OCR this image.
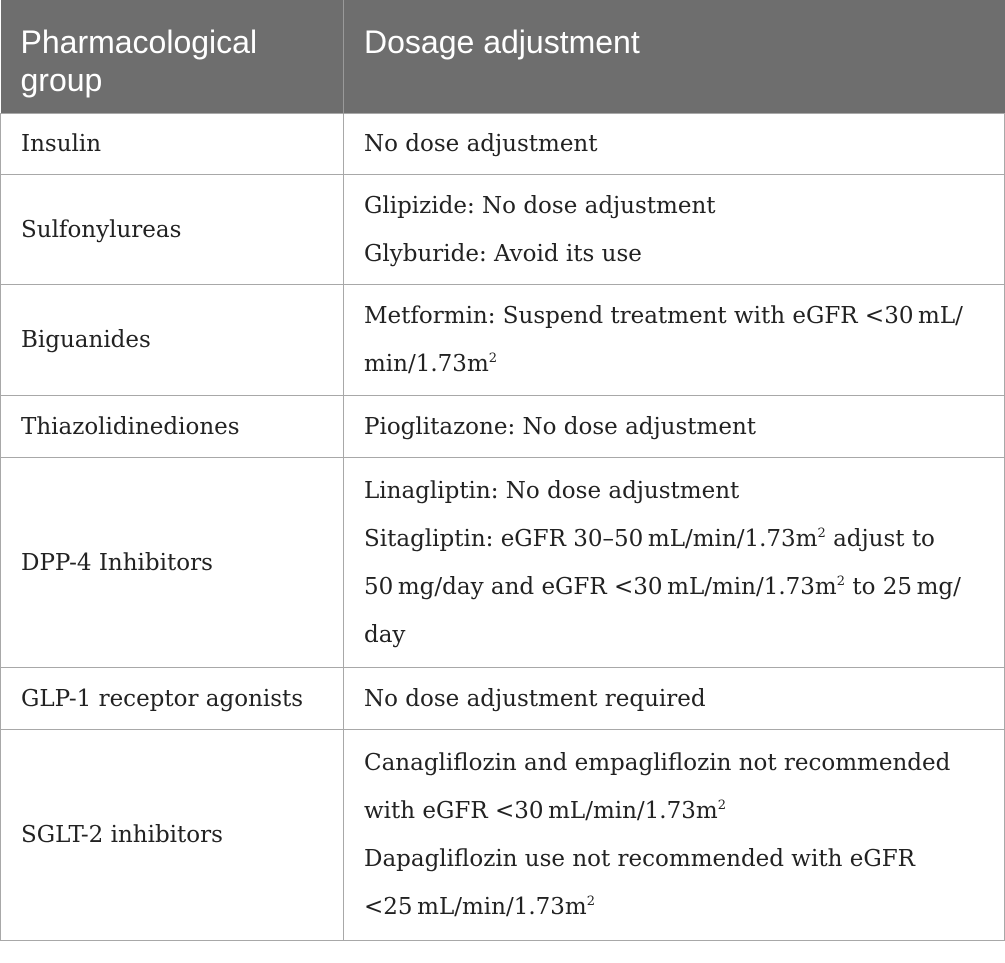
Pharmacological group	Dosage adjustment
Insulin	No dose adjustment

Sulfonylureas	Glipizide: No dose adjustment
Glyburide: Avoid its use

Biguanides	Metformin: Suspend treatment with eGFR <30 mL/
$\min/1.73m^2$

Thiazolidinediones	Pioglitazone: No dose adjustment

DPP-4 Inhibitors	Linagliptin: No dose adjustment
Sitagliptin: eGFR 30–50 $mL/\min/1.73m^2$ adjust to
50 mg/day and eGFR <30 $mL/\min/1.73m^2$ to 25 mg/
day

GLP-1 receptor agonists	No dose adjustment required

SGLT-2 inhibitors	Canagliflozin and empagliflozin not recommended
with eGFR <30 $mL/\min/1.73m^2$
Dapagliflozin use not recommended with eGFR
<25 $mL/\min/1.73m^2$
